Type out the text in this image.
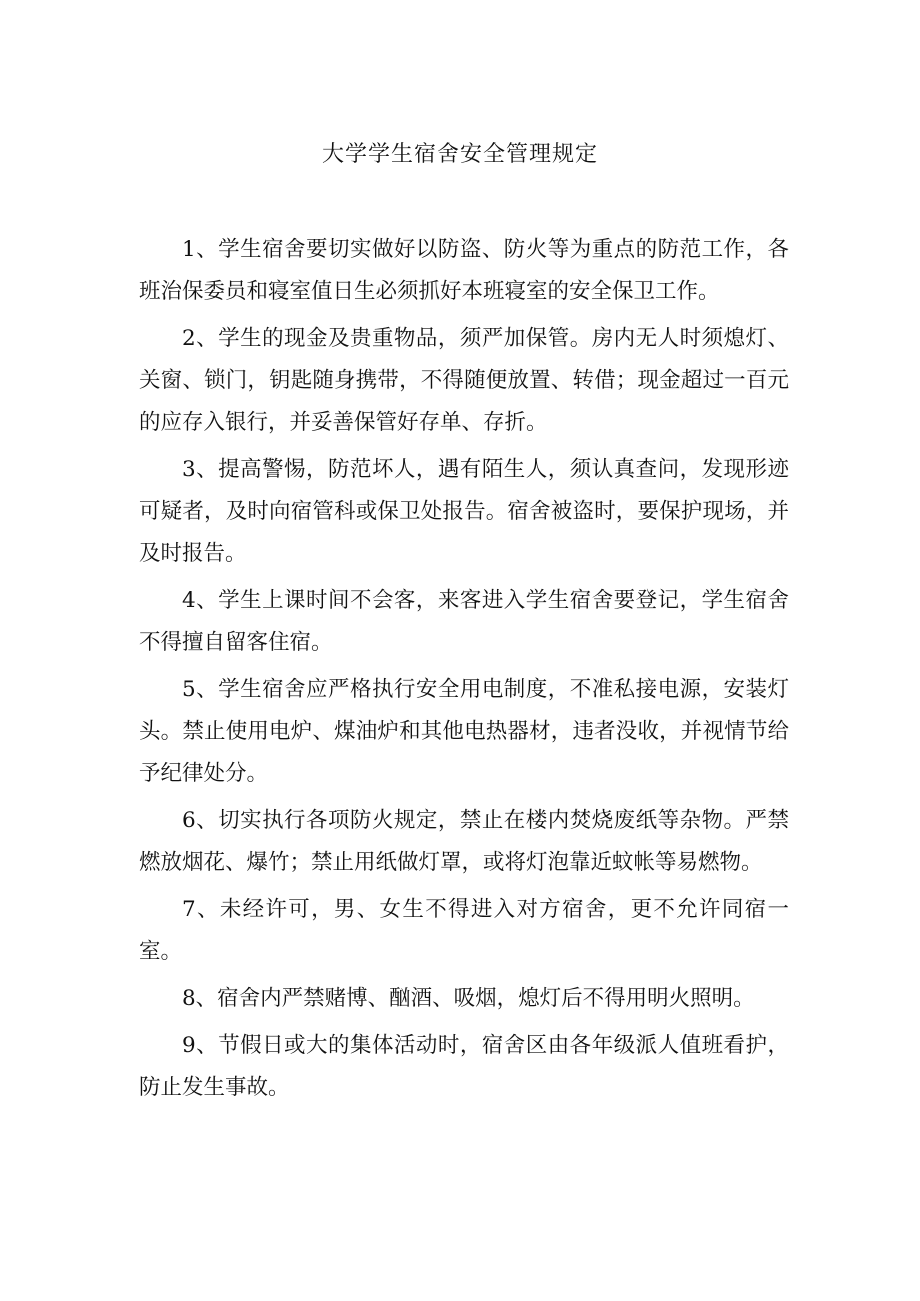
大学学生宿舍安全管理规定

1、学生宿舍要切实做好以防盗、防火等为重点的防范工作，各班治保委员和寝室值日生必须抓好本班寝室的安全保卫工作。

2、学生的现金及贵重物品，须严加保管。房内无人时须熄灯、关窗、锁门，钥匙随身携带，不得随便放置、转借；现金超过一百元的应存入银行，并妥善保管好存单、存折。

3、提高警惕，防范坏人，遇有陌生人，须认真查问，发现形迹可疑者，及时向宿管科或保卫处报告。宿舍被盗时，要保护现场，并及时报告。

4、学生上课时间不会客，来客进入学生宿舍要登记，学生宿舍不得擅自留客住宿。

5、学生宿舍应严格执行安全用电制度，不准私接电源，安装灯头。禁止使用电炉、煤油炉和其他电热器材，违者没收，并视情节给予纪律处分。

6、切实执行各项防火规定，禁止在楼内焚烧废纸等杂物。严禁燃放烟花、爆竹；禁止用纸做灯罩，或将灯泡靠近蚊帐等易燃物。

7、未经许可，男、女生不得进入对方宿舍，更不允许同宿一室。

8、宿舍内严禁赌博、酗酒、吸烟，熄灯后不得用明火照明。

9、节假日或大的集体活动时，宿舍区由各年级派人值班看护，防止发生事故。
